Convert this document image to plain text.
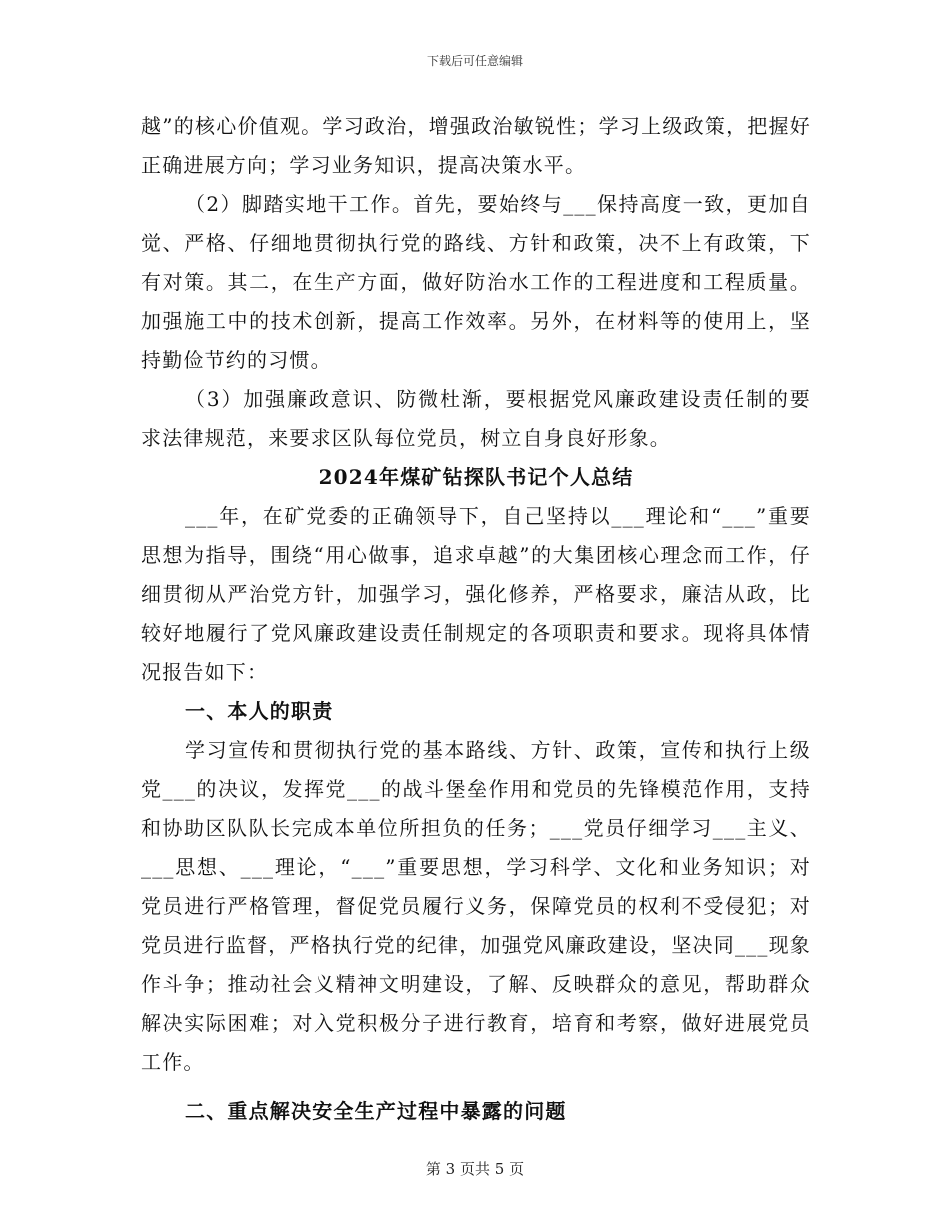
下载后可任意编辑

越”的核心价值观。学习政治，增强政治敏锐性；学习上级政策，把握好正确进展方向；学习业务知识，提高决策水平。

（2）脚踏实地干工作。首先，要始终与___保持高度一致，更加自觉、严格、仔细地贯彻执行党的路线、方针和政策，决不上有政策，下有对策。其二，在生产方面，做好防治水工作的工程进度和工程质量。加强施工中的技术创新，提高工作效率。另外，在材料等的使用上，坚持勤俭节约的习惯。

（3）加强廉政意识、防微杜渐，要根据党风廉政建设责任制的要求法律规范，来要求区队每位党员，树立自身良好形象。

2024年煤矿钻探队书记个人总结

___年，在矿党委的正确领导下，自己坚持以___理论和“___”重要思想为指导，围绕“用心做事，追求卓越”的大集团核心理念而工作，仔细贯彻从严治党方针，加强学习，强化修养，严格要求，廉洁从政，比较好地履行了党风廉政建设责任制规定的各项职责和要求。现将具体情况报告如下：

一、本人的职责

学习宣传和贯彻执行党的基本路线、方针、政策，宣传和执行上级党___的决议，发挥党___的战斗堡垒作用和党员的先锋模范作用，支持和协助区队队长完成本单位所担负的任务；___党员仔细学习___主义、___思想、___理论，“___”重要思想，学习科学、文化和业务知识；对党员进行严格管理，督促党员履行义务，保障党员的权利不受侵犯；对党员进行监督，严格执行党的纪律，加强党风廉政建设，坚决同___现象作斗争；推动社会义精神文明建设，了解、反映群众的意见，帮助群众解决实际困难；对入党积极分子进行教育，培育和考察，做好进展党员工作。

二、重点解决安全生产过程中暴露的问题

第 3 页共 5 页
